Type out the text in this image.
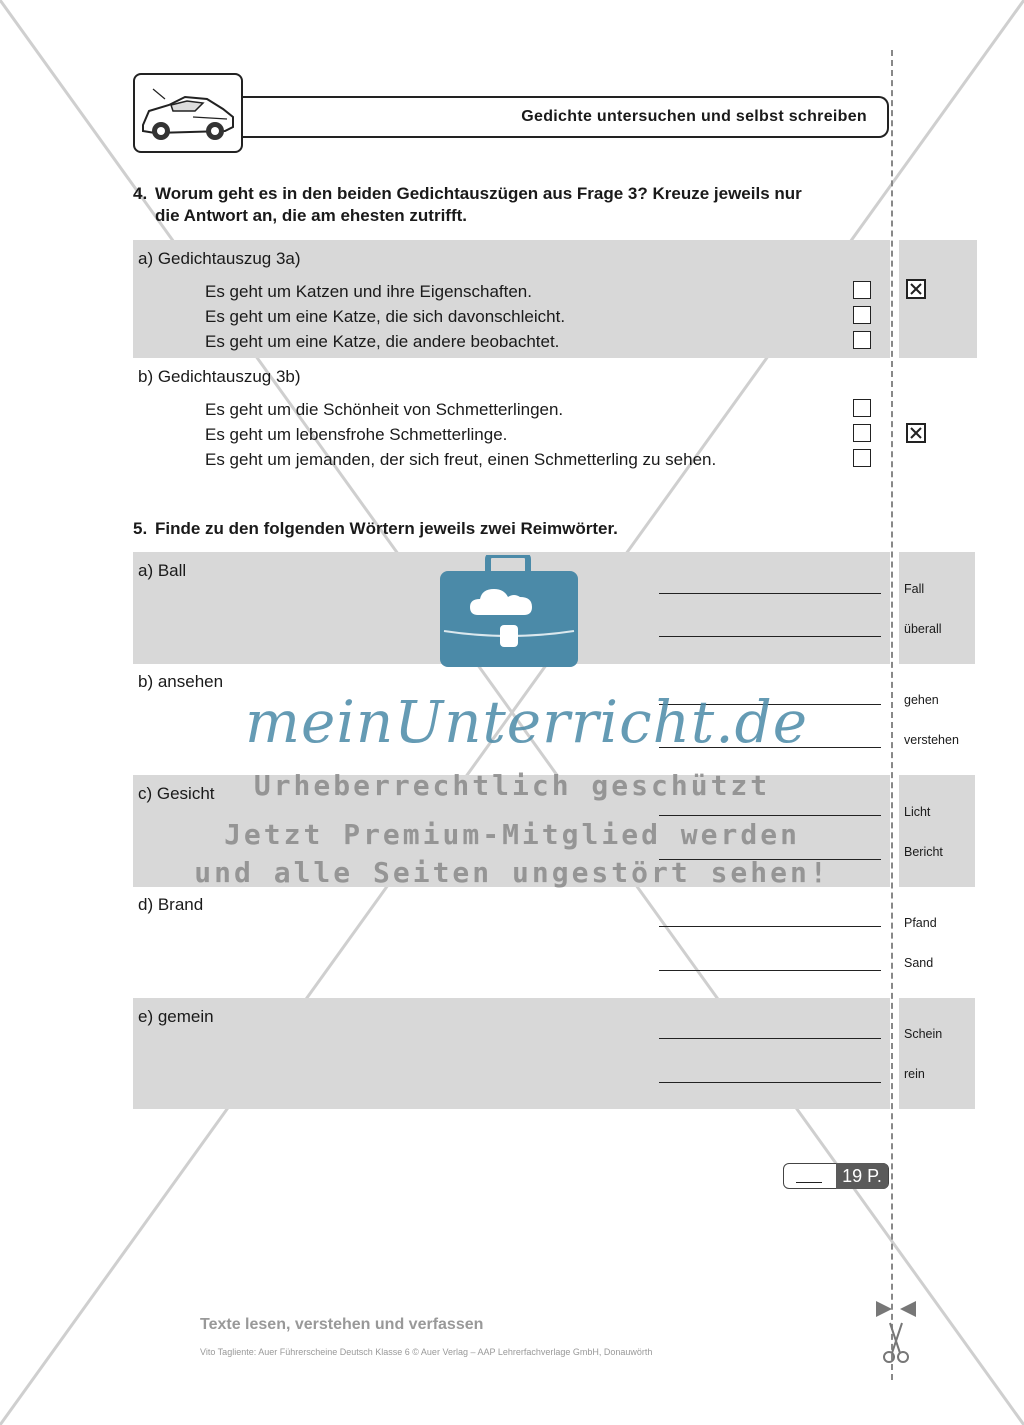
Gedichte untersuchen und selbst schreiben
4. Worum geht es in den beiden Gedichtauszügen aus Frage 3? Kreuze jeweils nur
die Antwort an, die am ehesten zutrifft.
a) Gedichtauszug 3a)
Es geht um Katzen und ihre Eigenschaften.
Es geht um eine Katze, die sich davonschleicht.
Es geht um eine Katze, die andere beobachtet.
b) Gedichtauszug 3b)
Es geht um die Schönheit von Schmetterlingen.
Es geht um lebensfrohe Schmetterlinge.
Es geht um jemanden, der sich freut, einen Schmetterling zu sehen.
5. Finde zu den folgenden Wörtern jeweils zwei Reimwörter.
a) Ball
Fall
überall
b) ansehen
gehen
verstehen
c) Gesicht
Licht
Bericht
d) Brand
Pfand
Sand
e) gemein
Schein
rein
19 P.
meinUnterricht.de
Urheberrechtlich geschützt
Jetzt Premium-Mitglied werden
und alle Seiten ungestört sehen!
Texte lesen, verstehen und verfassen
Vito Tagliente: Auer Führerscheine Deutsch Klasse 6 © Auer Verlag – AAP Lehrerfachverlage GmbH, Donauwörth
